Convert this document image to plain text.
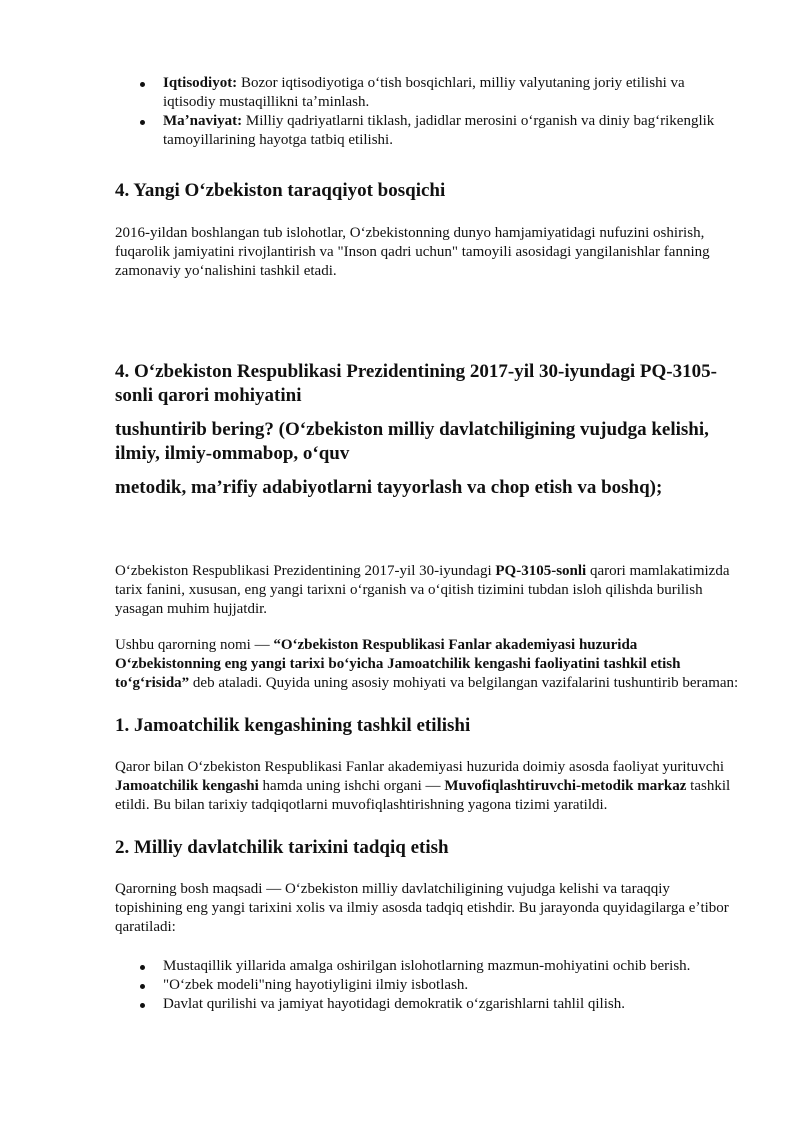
Iqtisodiyot: Bozor iqtisodiyotiga oʻtish bosqichlari, milliy valyutaning joriy etilishi va iqtisodiy mustaqillikni taʼminlash.
Maʼnaviyat: Milliy qadriyatlarni tiklash, jadidlar merosini oʻrganish va diniy bagʻrikenglik tamoyillarining hayotga tatbiq etilishi.
4. Yangi Oʻzbekiston taraqqiyot bosqichi

2016-yildan boshlangan tub islohotlar, Oʻzbekistonning dunyo hamjamiyatidagi nufuzini oshirish, fuqarolik jamiyatini rivojlantirish va "Inson qadri uchun" tamoyili asosidagi yangilanishlar fanning zamonaviy yoʻnalishini tashkil etadi.

4. Oʻzbekiston Respublikasi Prezidentining 2017-yil 30-iyundagi PQ-3105-sonli qarori mohiyatini
tushuntirib bering? (Oʻzbekiston milliy davlatchiligining vujudga kelishi, ilmiy, ilmiy-ommabop, oʻquv
metodik, maʼrifiy adabiyotlarni tayyorlash va chop etish va boshq);

Oʻzbekiston Respublikasi Prezidentining 2017-yil 30-iyundagi PQ-3105-sonli qarori mamlakatimizda tarix fanini, xususan, eng yangi tarixni oʻrganish va oʻqitish tizimini tubdan isloh qilishda burilish yasagan muhim hujjatdir.

Ushbu qarorning nomi — “Oʻzbekiston Respublikasi Fanlar akademiyasi huzurida Oʻzbekistonning eng yangi tarixi boʻyicha Jamoatchilik kengashi faoliyatini tashkil etish toʻgʻrisida” deb ataladi. Quyida uning asosiy mohiyati va belgilangan vazifalarini tushuntirib beraman:

1. Jamoatchilik kengashining tashkil etilishi

Qaror bilan Oʻzbekiston Respublikasi Fanlar akademiyasi huzurida doimiy asosda faoliyat yurituvchi Jamoatchilik kengashi hamda uning ishchi organi — Muvofiqlashtiruvchi-metodik markaz tashkil etildi. Bu bilan tarixiy tadqiqotlarni muvofiqlashtirishning yagona tizimi yaratildi.

2. Milliy davlatchilik tarixini tadqiq etish

Qarorning bosh maqsadi — Oʻzbekiston milliy davlatchiligining vujudga kelishi va taraqqiy topishining eng yangi tarixini xolis va ilmiy asosda tadqiq etishdir. Bu jarayonda quyidagilarga eʼtibor qaratiladi:

Mustaqillik yillarida amalga oshirilgan islohotlarning mazmun-mohiyatini ochib berish.
"Oʻzbek modeli"ning hayotiyligini ilmiy isbotlash.
Davlat qurilishi va jamiyat hayotidagi demokratik oʻzgarishlarni tahlil qilish.
